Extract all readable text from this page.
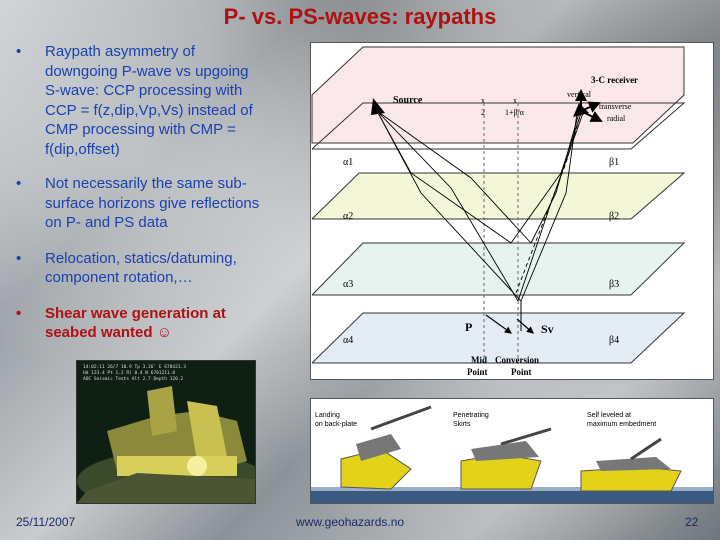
P- vs. PS-waves: raypaths
• Raypath asymmetry of
downgoing P-wave vs upgoing
S-wave: CCP processing with
CCP = f(z,dip,Vp,Vs) instead of
CMP processing with CMP =
f(dip,offset)
• Not necessarily the same sub-
surface horizons give reflections
on P- and PS data
• Relocation, statics/datuming,
component rotation,…
• Shear wave generation at
seabed wanted ☺
14:02:11 26/7 10.9 Tp 3.26' E 678421.3
Hd 123.4 Pt 1.2 Rl 0.4 N 6781211.8
AOC Seismic Tests Alt 2.7 Depth 120.2
Source
3-C receiver
vertical
transverse
radial
x
2
x
1+β/α
α1
α2
α3
α4
β1
β2
β3
β4
P	Sv
Mid
Point
Conversion
Point
Landing
on back-plate
Penetrating
Skirts
Self leveled at
maximum embedment
25/11/2007	www.geohazards.no	22
